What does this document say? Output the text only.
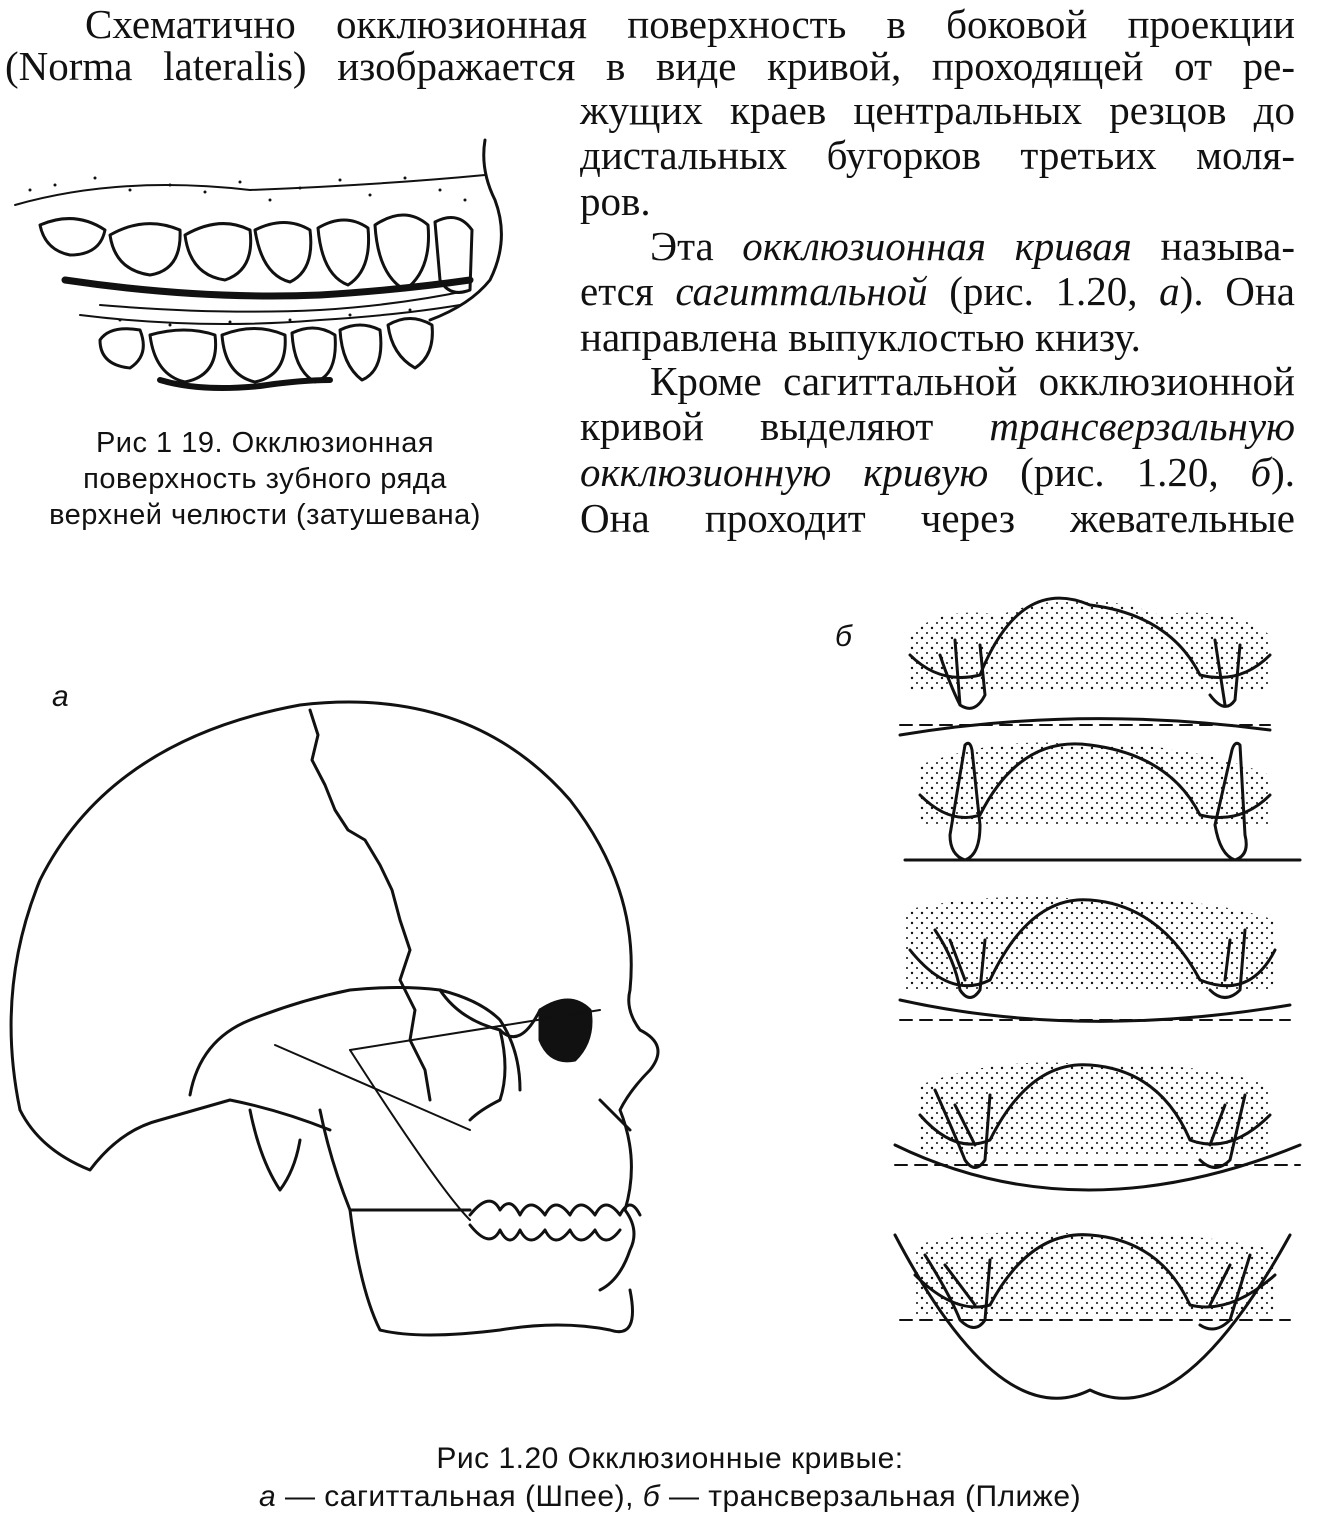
Схематично окклюзионная поверхность в боковой проекции
(Norma lateralis) изображается в виде кривой, проходящей от ре-
жущих краев центральных резцов до
дистальных бугорков третьих моля-
ров.
Эта окклюзионная кривая называ-
ется сагиттальной (рис. 1.20, а). Она
направлена выпуклостью книзу.
Кроме сагиттальной окклюзионной
кривой выделяют трансверзальную
окклюзионную кривую (рис. 1.20, б).
Она проходит через жевательные
Рис 1 19. Окклюзионная
поверхность зубного ряда
верхней челюсти (затушевана)
а
б
Рис 1.20 Окклюзионные кривые:
а — сагиттальная (Шпее), б — трансверзальная (Плиже)
